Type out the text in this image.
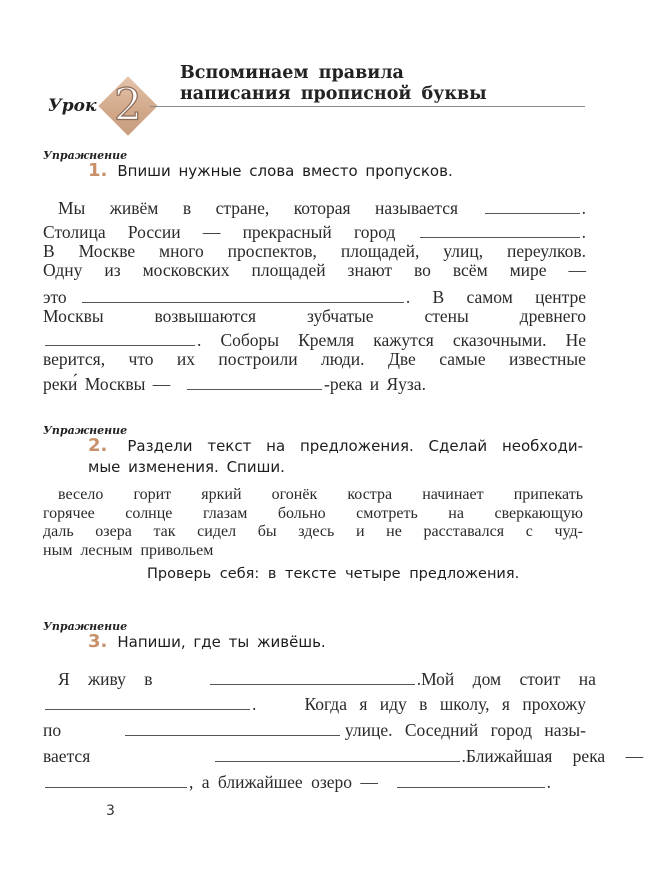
Урок 2
Вспоминаем правила
написания прописной буквы
Упражнение
1. Впиши нужные слова вместо пропусков.
Мы живём в стране, которая называется	.
Столица России — прекрасный город	.
В Москве много проспектов, площадей, улиц, переулков.
Одну из московских площадей знают во всём мире —
это	. В самом центре
Москвы	возвышаются	зубчатые	стены	древнего
. Соборы Кремля кажутся сказочными. Не
верится, что их построили люди. Две самые известные
реки́ Москвы —	-река и Яуза.
Упражнение
2. Раздели текст на предложения. Сделай необходи-
мые изменения. Спиши.
весело горит яркий огонёк костра начинает припекать
горячее солнце глазам больно смотреть на сверкающую
даль озера так сидел бы здесь и не расставался с чуд-
ным лесным привольем
Проверь себя: в тексте четыре предложения.
Упражнение
3. Напиши, где ты живёшь.
Я живу в	. Мой дом стоит на
.	Когда я иду в школу, я прохожу
по	улице. Соседний город назы-
вается	. Ближайшая река —
, а ближайшее озеро —	.
3
